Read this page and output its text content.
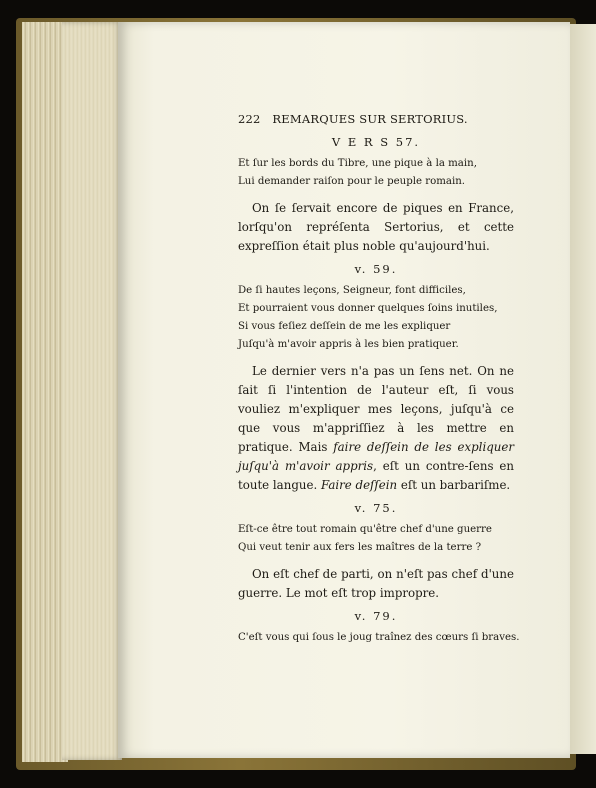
222 REMARQUES SUR SERTORIUS.
V E R S 57.
Et ſur les bords du Tibre, une pique à la main,
Lui demander raiſon pour le peuple romain.

On ſe ſervait encore de piques en France, lorſqu'on repréſenta Sertorius, et cette expreſſion était plus noble qu'aujourd'hui.

v. 59.
De ſi hautes leçons, Seigneur, font difficiles,
Et pourraient vous donner quelques ſoins inutiles,
Si vous feſiez deſſein de me les expliquer
Juſqu'à m'avoir appris à les bien pratiquer.

Le dernier vers n'a pas un ſens net. On ne ſait ſi l'intention de l'auteur eſt, ſi vous vouliez m'expliquer mes leçons, juſqu'à ce que vous m'appriſſiez à les mettre en pratique. Mais faire deſſein de les expliquer juſqu'à m'avoir appris, eſt un contre-ſens en toute langue. Faire deſſein eſt un barbariſme.

v. 75.
Eſt-ce être tout romain qu'être chef d'une guerre
Qui veut tenir aux fers les maîtres de la terre ?

On eſt chef de parti, on n'eſt pas chef d'une guerre. Le mot eſt trop impropre.

v. 79.
C'eſt vous qui ſous le joug traînez des cœurs ſi braves.
